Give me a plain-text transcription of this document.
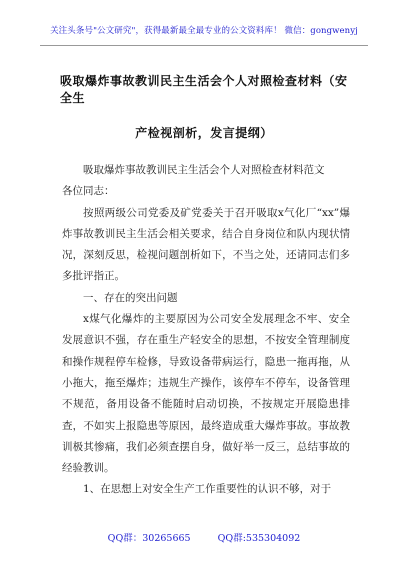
关注头条号"公文研究"，获得最新最全最专业的公文资料库！ 微信：gongwenyj
吸取爆炸事故教训民主生活会个人对照检查材料（安全生
产检视剖析，发言提纲）

吸取爆炸事故教训民主生活会个人对照检查材料范文

各位同志：

按照两级公司党委及矿党委关于召开吸取x气化厂“xx”爆炸事故教训民主生活会相关要求，结合自身岗位和队内现状情况，深刻反思，检视问题剖析如下，不当之处，还请同志们多多批评指正。

一、存在的突出问题

x煤气化爆炸的主要原因为公司安全发展理念不牢、安全发展意识不强，存在重生产轻安全的思想，不按安全管理制度和操作规程停车检修，导致设备带病运行，隐患一拖再拖，从小拖大，拖至爆炸；违规生产操作，该停车不停车，设备管理不规范，备用设备不能随时启动切换，不按规定开展隐患排查，不如实上报隐患等原因，最终造成重大爆炸事故。事故教训极其惨痛，我们必须查摆自身，做好举一反三，总结事故的经验教训。

1、在思想上对安全生产工作重要性的认识不够，对于

QQ群：30265665	QQ群:535304092
